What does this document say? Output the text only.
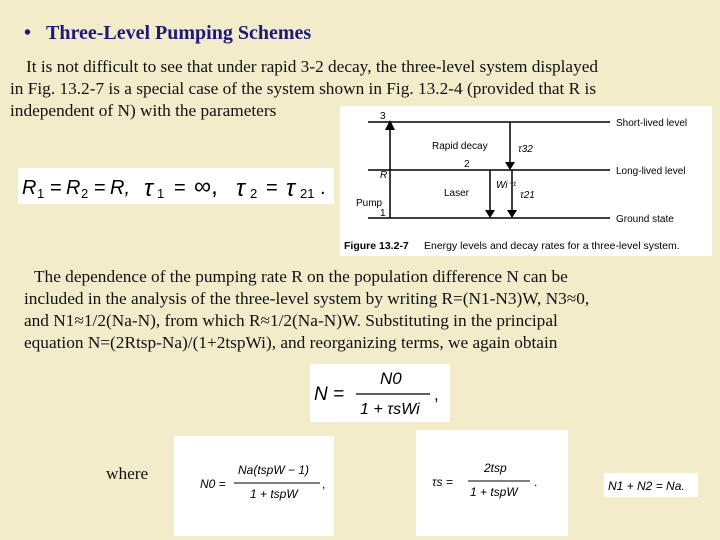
• Three-Level Pumping Schemes
It is not difficult to see that under rapid 3-2 decay, the three-level system displayed
in Fig. 13.2-7 is a special case of the system shown in Fig. 13.2-4 (provided that R is
independent of N) with the parameters
R 1 = R 2 = R, τ 1 = ∞, τ 2 = τ 21 .
3
2
1
Short-lived level
Long-lived level
Ground state
Rapid decay	τ32
τ21
R
Pump
Laser
Wi⁻¹
Figure 13.2-7 Energy levels and decay rates for a three-level system.
The dependence of the pumping rate R on the population difference N can be
included in the analysis of the three-level system by writing R=(N1-N3)W, N3≈0,
and N1≈1/2(Na-N), from which R≈1/2(Na-N)W. Substituting in the principal
equation N=(2Rtsp-Na)/(1+2tspWi), and reorganizing terms, we again obtain
N =
N0
1 + τsWi
,
where
N0 =
Na(tspW − 1)
1 + tspW
,	τs =
2tsp
1 + tspW
.	N1 + N2 = Na.
